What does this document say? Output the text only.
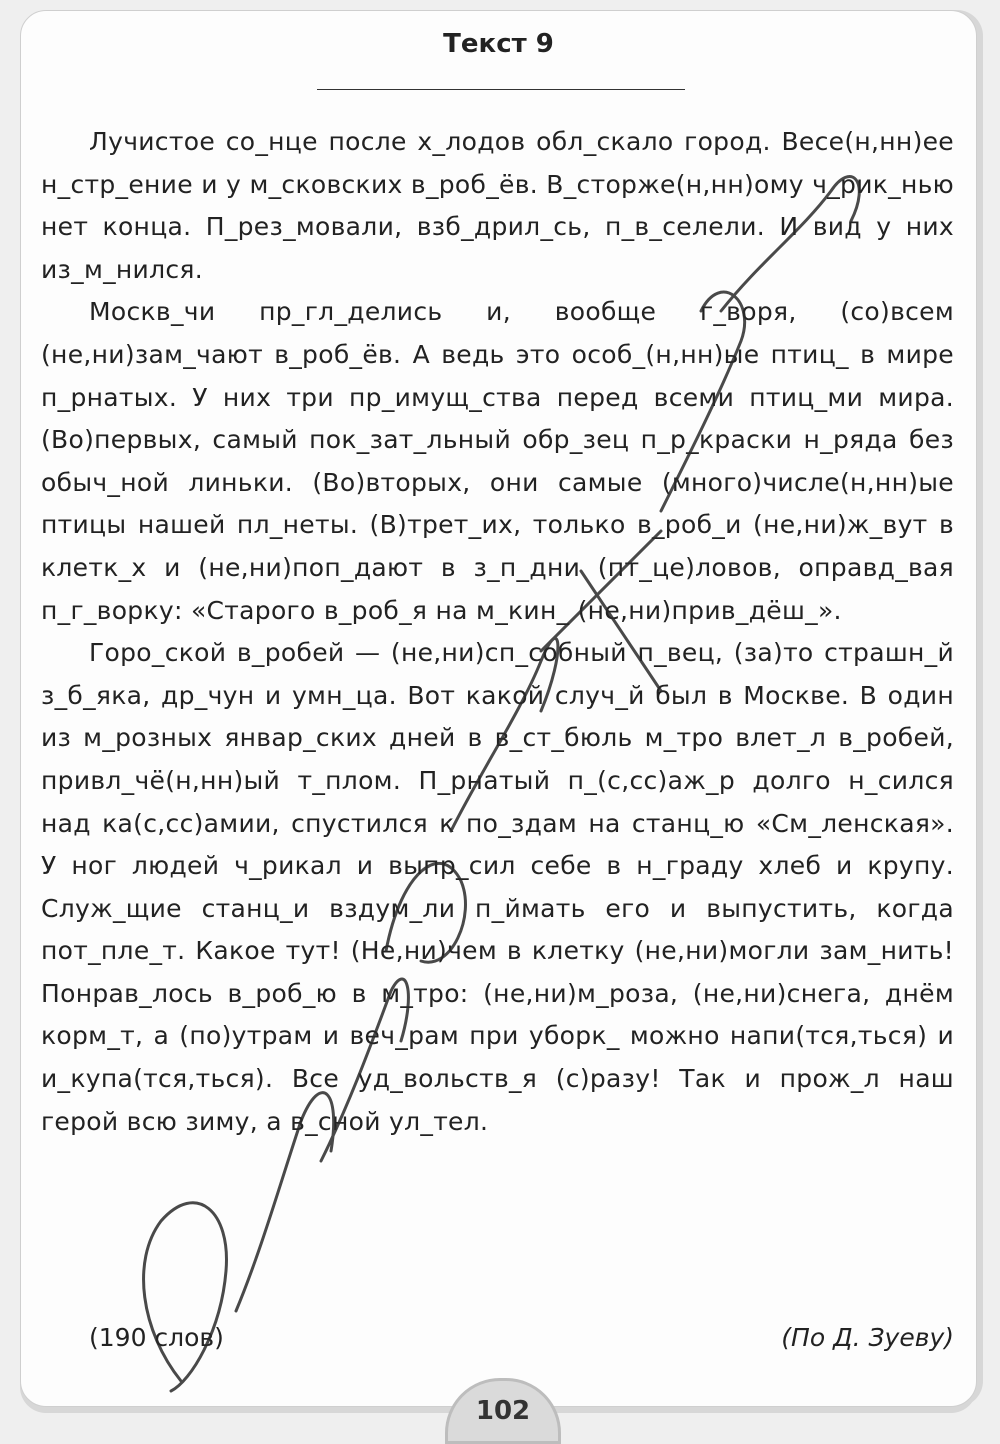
Текст 9

Лучистое со_нце после х_лодов обл_скало город. Весе(н,нн)ее н_стр_ение и у м_сковских в_роб_ёв. В_сторже(н,нн)ому ч_рик_нью нет конца. П_рез_мовали, взб_дрил_сь, п_в_селели. И вид у них из_м_нился.

Москв_чи пр_гл_делись и, вообще г_воря, (со)всем (не,ни)зам_чают в_роб_ёв. А ведь это особ_(н,нн)ые птиц_ в мире п_рнатых. У них три пр_имущ_ства перед всеми птиц_ми мира. (Во)первых, самый пок_зат_льный обр_зец п_р_краски н_ряда без обыч_ной линьки. (Во)вторых, они самые (много)числе(н,нн)ые птицы нашей пл_неты. (В)трет_их, только в_роб_и (не,ни)ж_вут в клетк_х и (не,ни)поп_дают в з_п_дни (пт_це)ловов, оправд_вая п_г_ворку: «Старого в_роб_я на м_кин_ (не,ни)прив_дёш_».

Горо_ской в_робей — (не,ни)сп_собный п_вец, (за)то страшн_й з_б_яка, др_чун и умн_ца. Вот какой случ_й был в Москве. В один из м_розных январ_ских дней в в_ст_бюль м_тро влет_л в_робей, привл_чё(н,нн)ый т_плом. П_рнатый п_(с,сс)аж_р долго н_сился над ка(с,сс)амии, спустился к по_здам на станц_ю «См_ленская». У ног людей ч_рикал и выпр_сил себе в н_граду хлеб и крупу. Служ_щие станц_и вздум_ли п_ймать его и выпустить, когда пот_пле_т. Какое тут! (Не,ни)чем в клетку (не,ни)могли зам_нить! Понрав_лось в_роб_ю в м_тро: (не,ни)м_роза, (не,ни)снега, днём корм_т, а (по)утрам и веч_рам при уборк_ можно напи(тся,ться) и и_купа(тся,ться). Все уд_вольств_я (с)разу! Так и прож_л наш герой всю зиму, а в_сной ул_тел.

(190 слов)	(По Д. Зуеву)
102
